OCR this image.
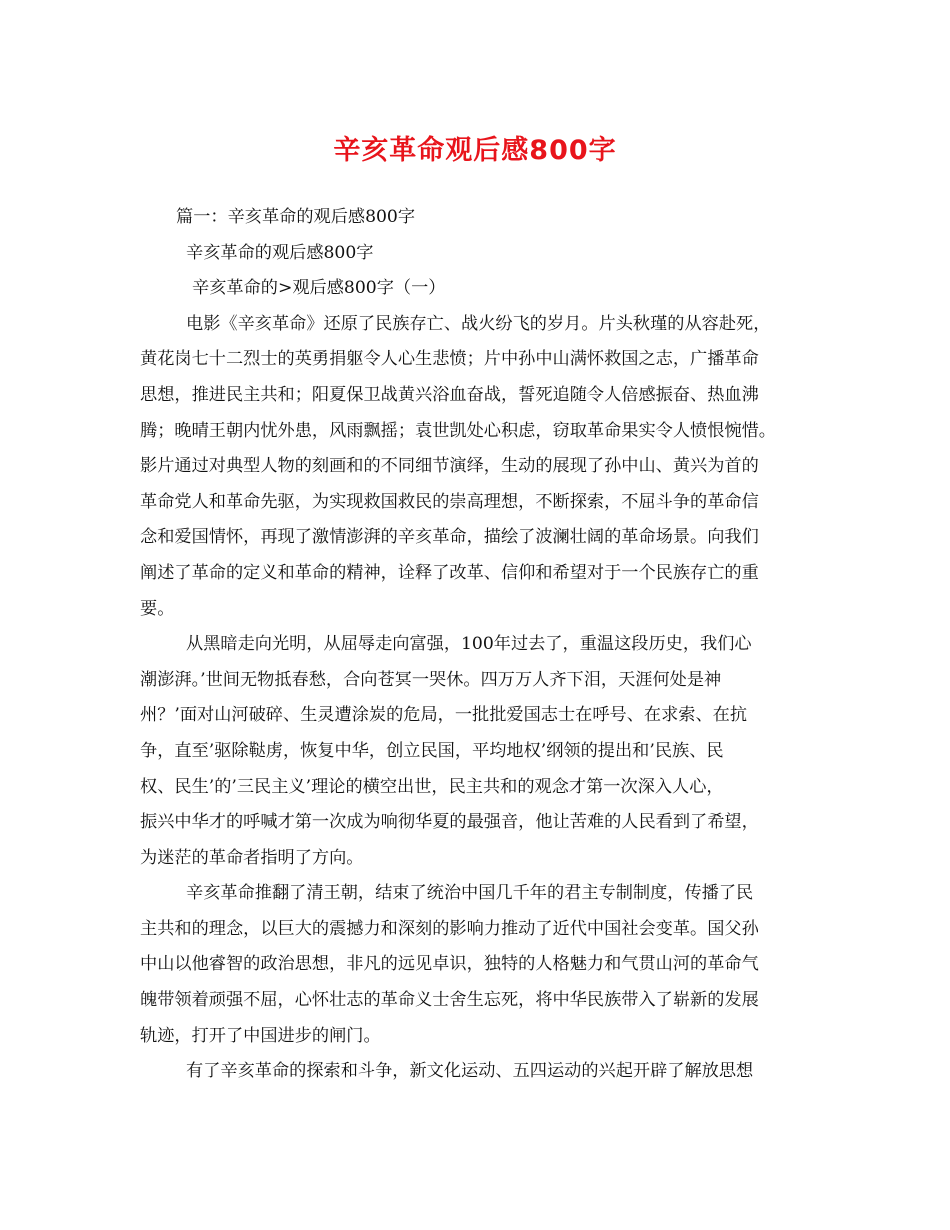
辛亥革命观后感800字
篇一：辛亥革命的观后感800字
辛亥革命的观后感800字
辛亥革命的>观后感800字（一）
电影《辛亥革命》还原了民族存亡、战火纷飞的岁月。片头秋瑾的从容赴死，
黄花岗七十二烈士的英勇捐躯令人心生悲愤；片中孙中山满怀救国之志，广播革命
思想，推进民主共和；阳夏保卫战黄兴浴血奋战，誓死追随令人倍感振奋、热血沸
腾；晚晴王朝内忧外患，风雨飘摇；袁世凯处心积虑，窃取革命果实令人愤恨惋惜。
影片通过对典型人物的刻画和的不同细节演绎，生动的展现了孙中山、黄兴为首的
革命党人和革命先驱，为实现救国救民的崇高理想，不断探索，不屈斗争的革命信
念和爱国情怀，再现了激情澎湃的辛亥革命，描绘了波澜壮阔的革命场景。向我们
阐述了革命的定义和革命的精神，诠释了改革、信仰和希望对于一个民族存亡的重
要。
从黑暗走向光明，从屈辱走向富强，100年过去了，重温这段历史，我们心
潮澎湃。’世间无物抵春愁，合向苍冥一哭休。四万万人齐下泪，天涯何处是神
州？’面对山河破碎、生灵遭涂炭的危局，一批批爱国志士在呼号、在求索、在抗
争，直至’驱除鞑虏，恢复中华，创立民国，平均地权’纲领的提出和’民族、民
权、民生’的’三民主义’理论的横空出世，民主共和的观念才第一次深入人心，
振兴中华才的呼喊才第一次成为响彻华夏的最强音，他让苦难的人民看到了希望，
为迷茫的革命者指明了方向。
辛亥革命推翻了清王朝，结束了统治中国几千年的君主专制制度，传播了民
主共和的理念，以巨大的震撼力和深刻的影响力推动了近代中国社会变革。国父孙
中山以他睿智的政治思想，非凡的远见卓识，独特的人格魅力和气贯山河的革命气
魄带领着顽强不屈，心怀壮志的革命义士舍生忘死，将中华民族带入了崭新的发展
轨迹，打开了中国进步的闸门。
有了辛亥革命的探索和斗争，新文化运动、五四运动的兴起开辟了解放思想
